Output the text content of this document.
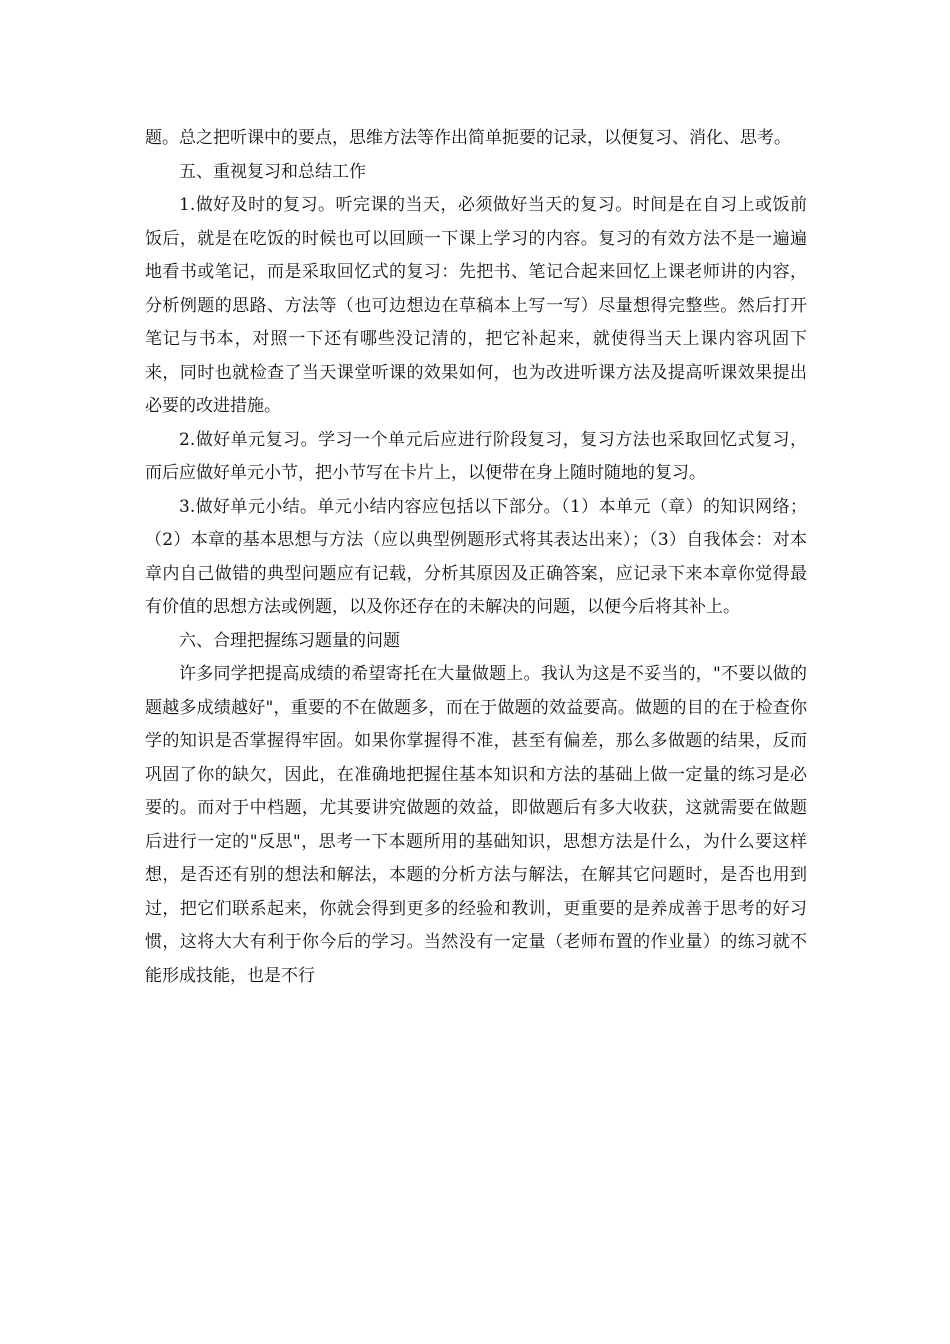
题。总之把听课中的要点，思维方法等作出简单扼要的记录，以便复习、消化、思考。

五、重视复习和总结工作

1.做好及时的复习。听完课的当天，必须做好当天的复习。时间是在自习上或饭前饭后，就是在吃饭的时候也可以回顾一下课上学习的内容。复习的有效方法不是一遍遍地看书或笔记，而是采取回忆式的复习：先把书、笔记合起来回忆上课老师讲的内容，分析例题的思路、方法等（也可边想边在草稿本上写一写）尽量想得完整些。然后打开笔记与书本，对照一下还有哪些没记清的，把它补起来，就使得当天上课内容巩固下来，同时也就检查了当天课堂听课的效果如何，也为改进听课方法及提高听课效果提出必要的改进措施。

2.做好单元复习。学习一个单元后应进行阶段复习，复习方法也采取回忆式复习，而后应做好单元小节，把小节写在卡片上，以便带在身上随时随地的复习。

3.做好单元小结。单元小结内容应包括以下部分。（1）本单元（章）的知识网络；（2）本章的基本思想与方法（应以典型例题形式将其表达出来）；（3）自我体会：对本章内自己做错的典型问题应有记载，分析其原因及正确答案，应记录下来本章你觉得最有价值的思想方法或例题，以及你还存在的未解决的问题，以便今后将其补上。

六、合理把握练习题量的问题

许多同学把提高成绩的希望寄托在大量做题上。我认为这是不妥当的，"不要以做的题越多成绩越好"，重要的不在做题多，而在于做题的效益要高。做题的目的在于检查你学的知识是否掌握得牢固。如果你掌握得不准，甚至有偏差，那么多做题的结果，反而巩固了你的缺欠，因此，在准确地把握住基本知识和方法的基础上做一定量的练习是必要的。而对于中档题，尤其要讲究做题的效益，即做题后有多大收获，这就需要在做题后进行一定的"反思"，思考一下本题所用的基础知识，思想方法是什么，为什么要这样想，是否还有别的想法和解法，本题的分析方法与解法，在解其它问题时，是否也用到过，把它们联系起来，你就会得到更多的经验和教训，更重要的是养成善于思考的好习惯，这将大大有利于你今后的学习。当然没有一定量（老师布置的作业量）的练习就不能形成技能，也是不行
